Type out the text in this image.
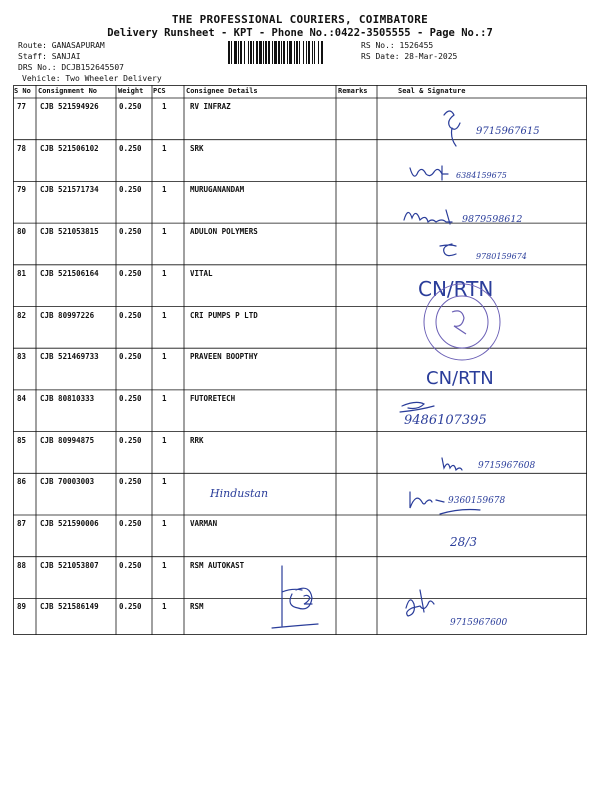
THE PROFESSIONAL COURIERS, COIMBATORE
Delivery Runsheet - KPT - Phone No.:0422-3505555 - Page No.:7
Route: GANASAPURAM
Staff: SANJAI
DRS No.: DCJB152645507
Vehicle: Two Wheeler Delivery
RS No.: 1526455
RS Date: 28-Mar-2025
S No Consignment No	Weight PCS	Consignee Details	Remarks	Seal & Signature
77 CJB 521594926	0.250	1	RV INFRAZ
78 CJB 521506102	0.250	1	SRK
79 CJB 521571734	0.250	1	MURUGANANDAM
80 CJB 521053815	0.250	1	ADULON POLYMERS
81 CJB 521506164	0.250	1	VITAL
82 CJB 80997226	0.250	1	CRI PUMPS P LTD
83 CJB 521469733	0.250	1	PRAVEEN BOOPTHY
84 CJB 80810333	0.250	1	FUTORETECH
85 CJB 80994875	0.250	1	RRK
86 CJB 70003003	0.250	1
87 CJB 521590006	0.250	1	VARMAN
88 CJB 521053807	0.250	1	RSM AUTOKAST
89 CJB 521586149	0.250	1	RSM
9715967615
6384159675
9879598612
9780159674
CN/RTN
CN/RTN
9486107395
9715967608
Hindustan
9360159678
28/3
9715967600
